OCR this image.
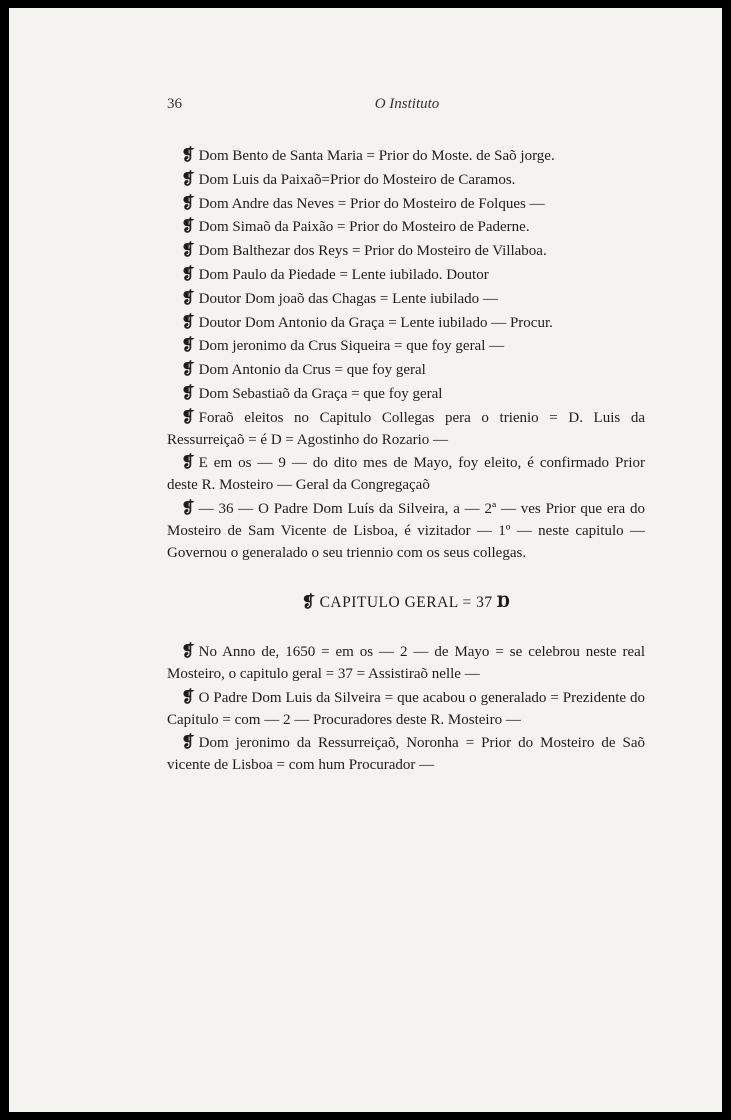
36	O Instituto

❡ Dom Bento de Santa Maria = Prior do Moste. de Saõ jorge.

❡ Dom Luis da Paixaõ=Prior do Mosteiro de Caramos.

❡ Dom Andre das Neves = Prior do Mosteiro de Folques —

❡ Dom Simaõ da Paixão = Prior do Mosteiro de Paderne.

❡ Dom Balthezar dos Reys = Prior do Mosteiro de Villaboa.

❡ Dom Paulo da Piedade = Lente iubilado. Doutor

❡ Doutor Dom joaõ das Chagas = Lente iubilado —

❡ Doutor Dom Antonio da Graça = Lente iubilado — Procur.

❡ Dom jeronimo da Crus Siqueira = que foy geral —

❡ Dom Antonio da Crus = que foy geral

❡ Dom Sebastiaõ da Graça = que foy geral

❡ Foraõ eleitos no Capitulo Collegas pera o trienio = D. Luis da Ressurreiçaõ = é D = Agostinho do Rozario —

❡ E em os — 9 — do dito mes de Mayo, foy eleito, é confirmado Prior deste R. Mosteiro — Geral da Congregaçaõ

❡ — 36 — O Padre Dom Luís da Silveira, a — 2ª — ves Prior que era do Mosteiro de Sam Vicente de Lisboa, é vizitador — 1º — neste capitulo — Governou o generalado o seu triennio com os seus collegas.

❡ CAPITULO GERAL = 37 Ɒ

❡ No Anno de, 1650 = em os — 2 — de Mayo = se celebrou neste real Mosteiro, o capitulo geral = 37 = Assistiraõ nelle —

❡ O Padre Dom Luis da Silveira = que acabou o generalado = Prezidente do Capitulo = com — 2 — Procuradores deste R. Mosteiro —

❡ Dom jeronimo da Ressurreiçaõ, Noronha = Prior do Mosteiro de Saõ vicente de Lisboa = com hum Procurador —
